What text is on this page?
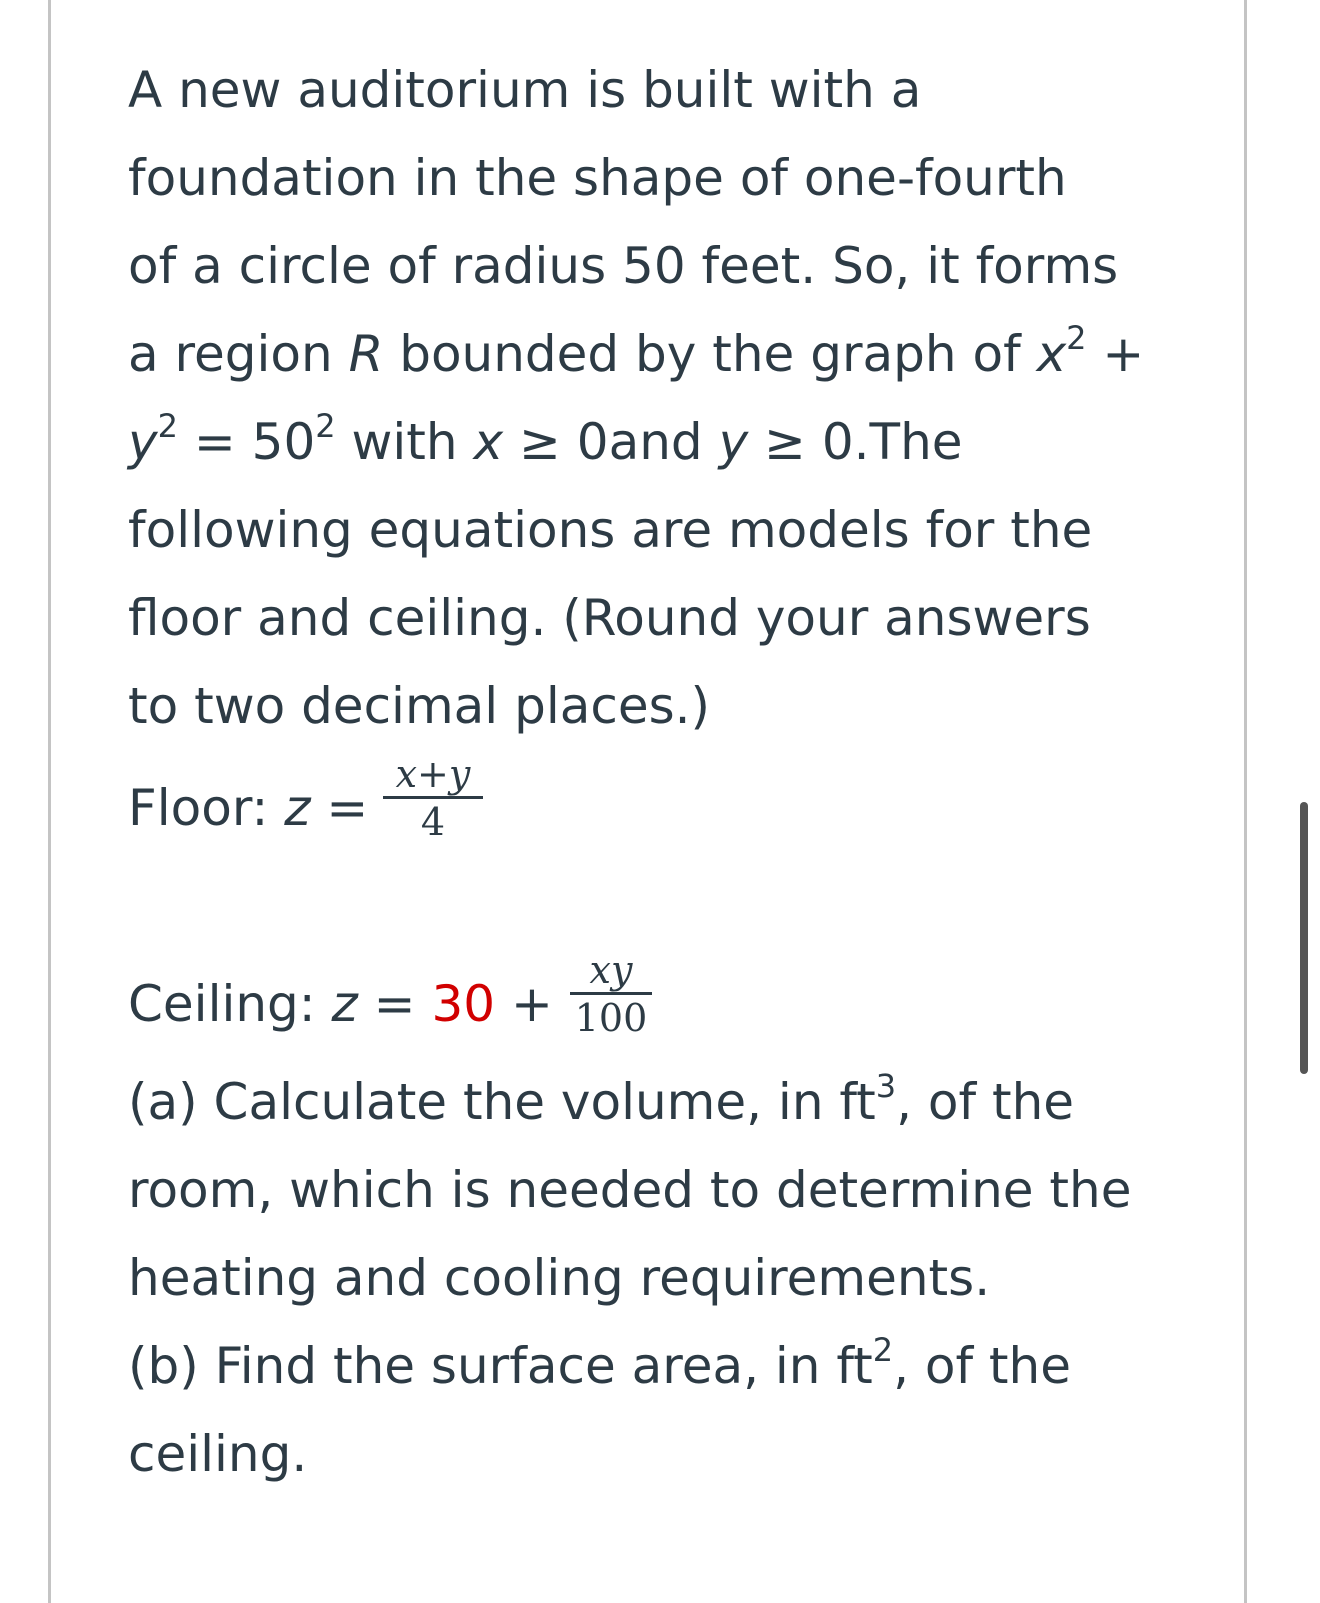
A new auditorium is built with a
foundation in the shape of one-fourth
of a circle of radius 50 feet. So, it forms
a region R bounded by the graph of $x^2$ +
$y^2 = 50^2$ with x ≥ 0and y ≥ 0.The
following equations are models for the
floor and ceiling. (Round your answers
to two decimal places.)
Floor: z =
x+y
4
Ceiling: z = 30 +
xy
100
(a) Calculate the volume, in $ft^3$, of the
room, which is needed to determine the
heating and cooling requirements.
(b) Find the surface area, in $ft^2$, of the
ceiling.
